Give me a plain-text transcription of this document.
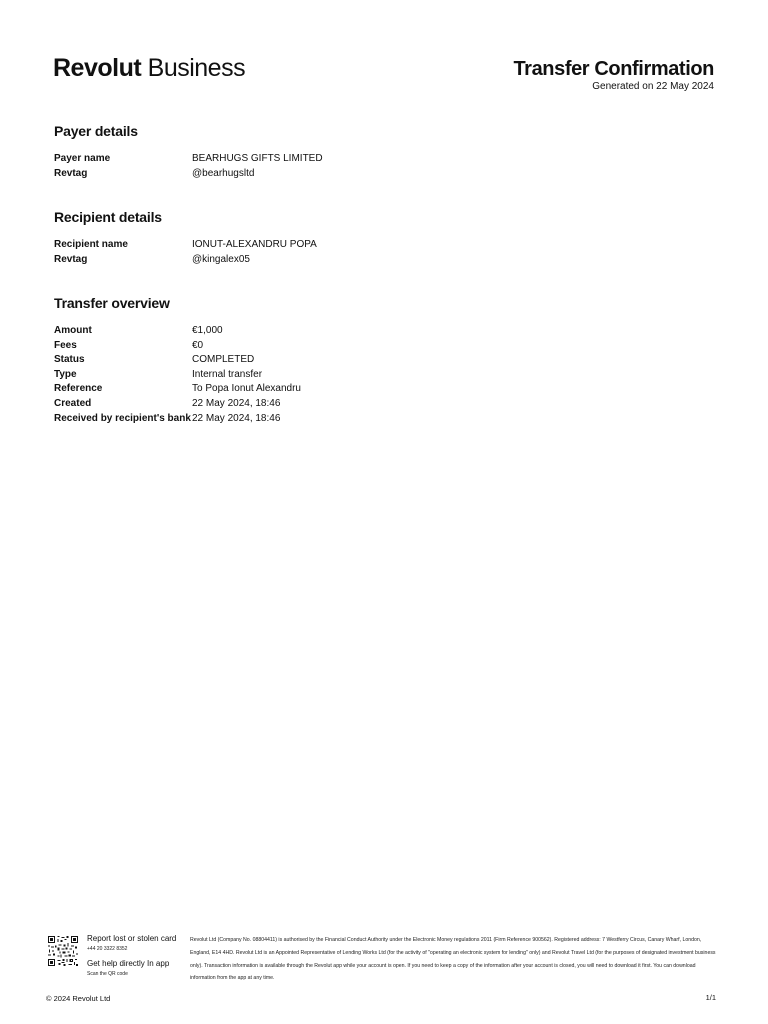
Revolut Business	Transfer Confirmation
Generated on 22 May 2024
Payer details
Payer name	BEARHUGS GIFTS LIMITED
Revtag	@bearhugsltd
Recipient details
Recipient name	IONUT-ALEXANDRU POPA
Revtag	@kingalex05
Transfer overview
Amount	€1,000
Fees	€0
Status	COMPLETED
Type	Internal transfer
Reference	To Popa Ionut Alexandru
Created	22 May 2024, 18:46
Received by recipient's bank 22 May 2024, 18:46
Report lost or stolen card
+44 20 3322 8352
Get help directly In app
Scan the QR code
Revolut Ltd (Company No. 08804411) is authorised by the Financial Conduct Authority under the Electronic Money regulations 2011 (Firm Reference 900562). Registered address: 7 Westferry Circus, Canary Wharf, London, England, E14 4HD. Revolut Ltd is an Appointed Representative of Lending Works Ltd (for the activity of "operating an electronic system for lending" only) and Revolut Travel Ltd (for the purposes of designated investment business only). Transaction information is available through the Revolut app while your account is open. If you need to keep a copy of the information after your account is closed, you will need to download it first. You can download information from the app at any time.
© 2024 Revolut Ltd	1/1
